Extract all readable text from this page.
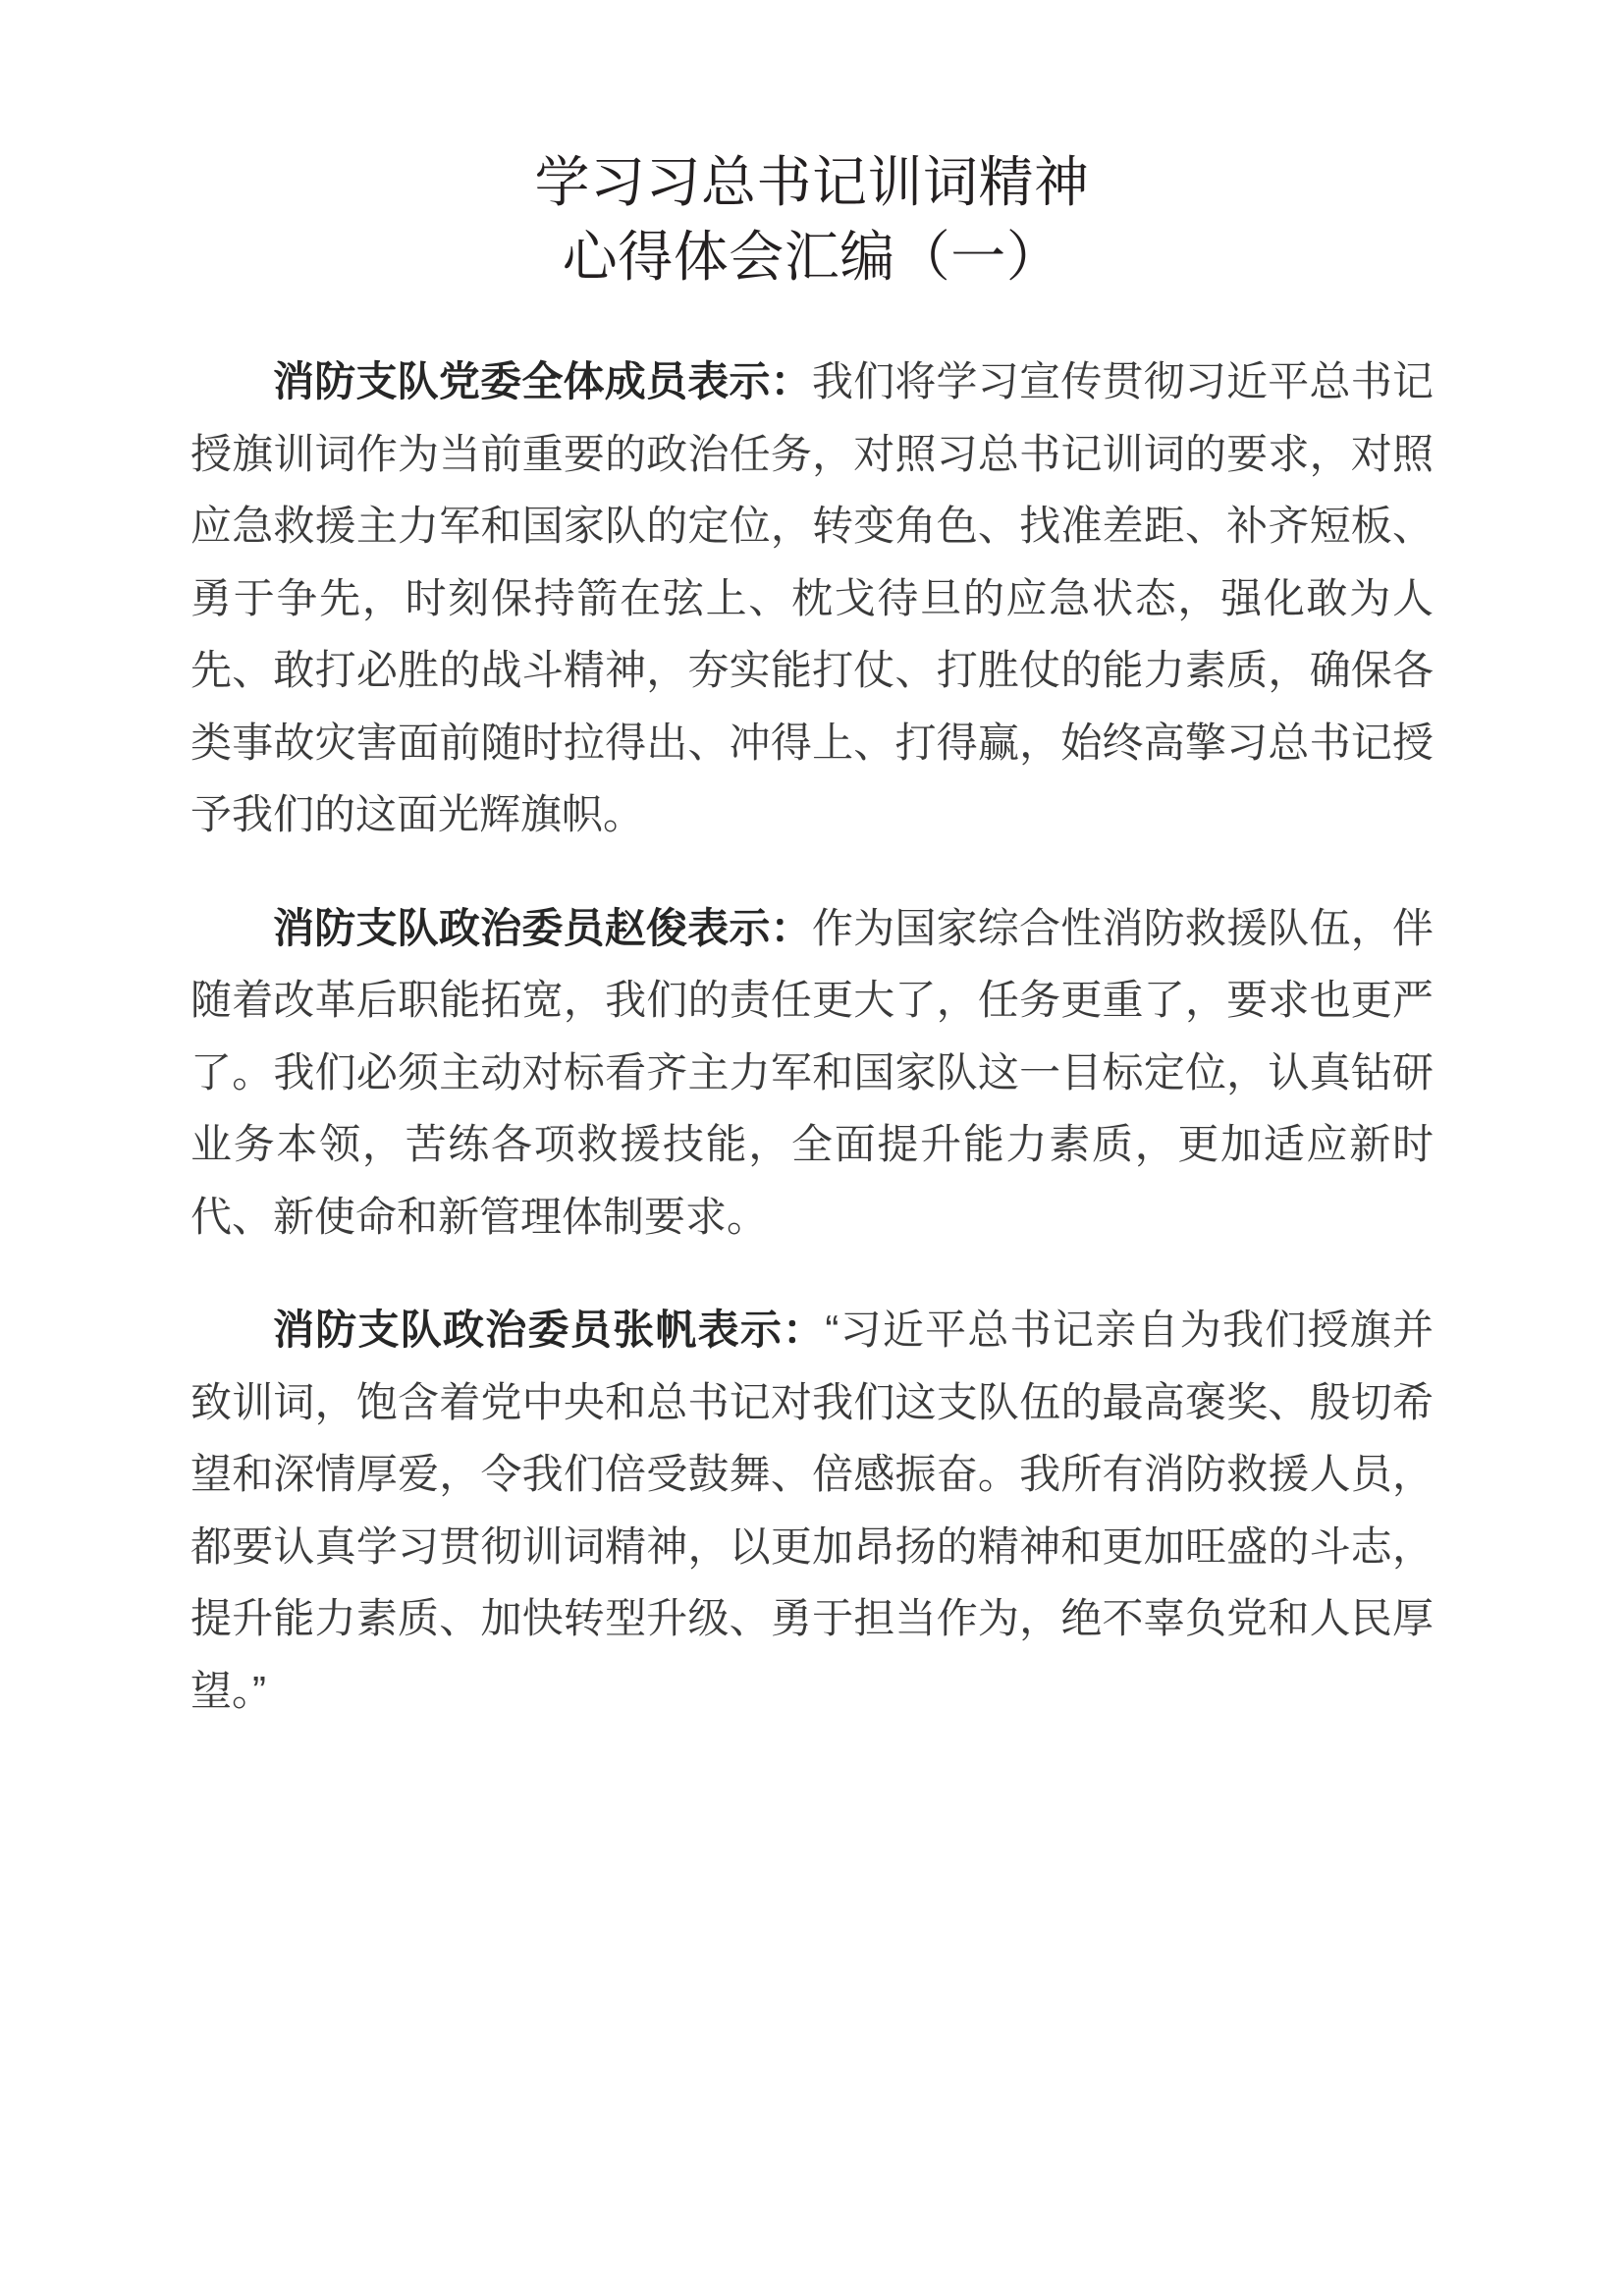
学习习总书记训词精神
心得体会汇编（一）

消防支队党委全体成员表示：我们将学习宣传贯彻习近平总书记授旗训词作为当前重要的政治任务，对照习总书记训词的要求，对照应急救援主力军和国家队的定位，转变角色、找准差距、补齐短板、勇于争先，时刻保持箭在弦上、枕戈待旦的应急状态，强化敢为人先、敢打必胜的战斗精神，夯实能打仗、打胜仗的能力素质，确保各类事故灾害面前随时拉得出、冲得上、打得赢，始终高擎习总书记授予我们的这面光辉旗帜。

消防支队政治委员赵俊表示：作为国家综合性消防救援队伍，伴随着改革后职能拓宽，我们的责任更大了，任务更重了，要求也更严了。我们必须主动对标看齐主力军和国家队这一目标定位，认真钻研业务本领，苦练各项救援技能，全面提升能力素质，更加适应新时代、新使命和新管理体制要求。

消防支队政治委员张帆表示：“习近平总书记亲自为我们授旗并致训词，饱含着党中央和总书记对我们这支队伍的最高褒奖、殷切希望和深情厚爱，令我们倍受鼓舞、倍感振奋。我所有消防救援人员，都要认真学习贯彻训词精神，以更加昂扬的精神和更加旺盛的斗志，提升能力素质、加快转型升级、勇于担当作为，绝不辜负党和人民厚望。”
